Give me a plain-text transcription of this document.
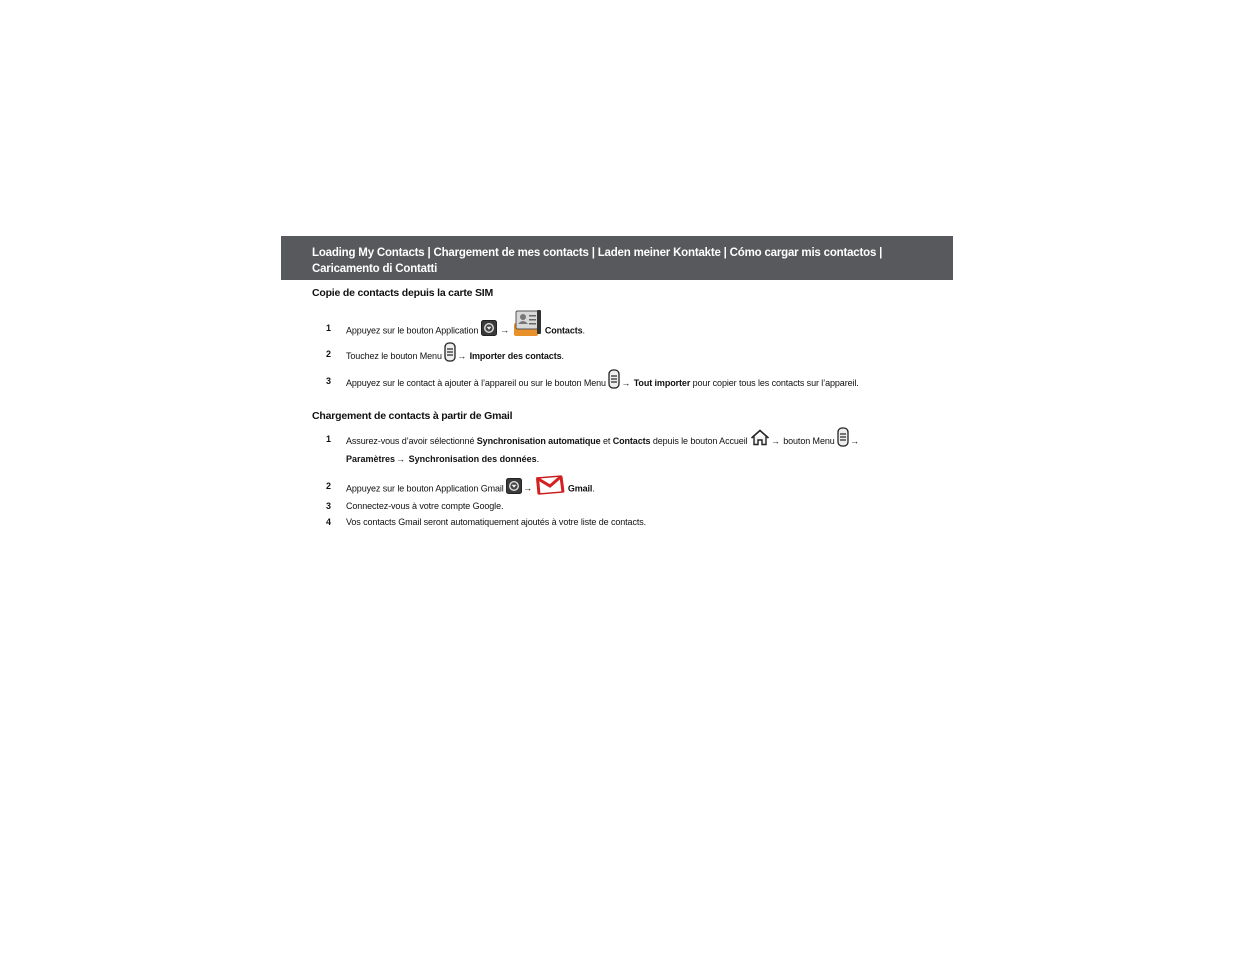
Loading My Contacts | Chargement de mes contacts | Laden meiner Kontakte | Cómo cargar mis contactos | Caricamento di Contatti
Copie de contacts depuis la carte SIM
1 Appuyez sur le bouton Application →	Contacts.
2 Touchez le bouton Menu → Importer des contacts.
3 Appuyez sur le contact à ajouter à l’appareil ou sur le bouton Menu → Tout importer pour copier tous les contacts sur l’appareil.
Chargement de contacts à partir de Gmail
1 Assurez-vous d’avoir sélectionné Synchronisation automatique et Contacts depuis le bouton Accueil	→ bouton Menu →
Paramètres→ Synchronisation des données.
2 Appuyez sur le bouton Application Gmail →	Gmail.
3 Connectez-vous à votre compte Google.
4 Vos contacts Gmail seront automatiquement ajoutés à votre liste de contacts.
